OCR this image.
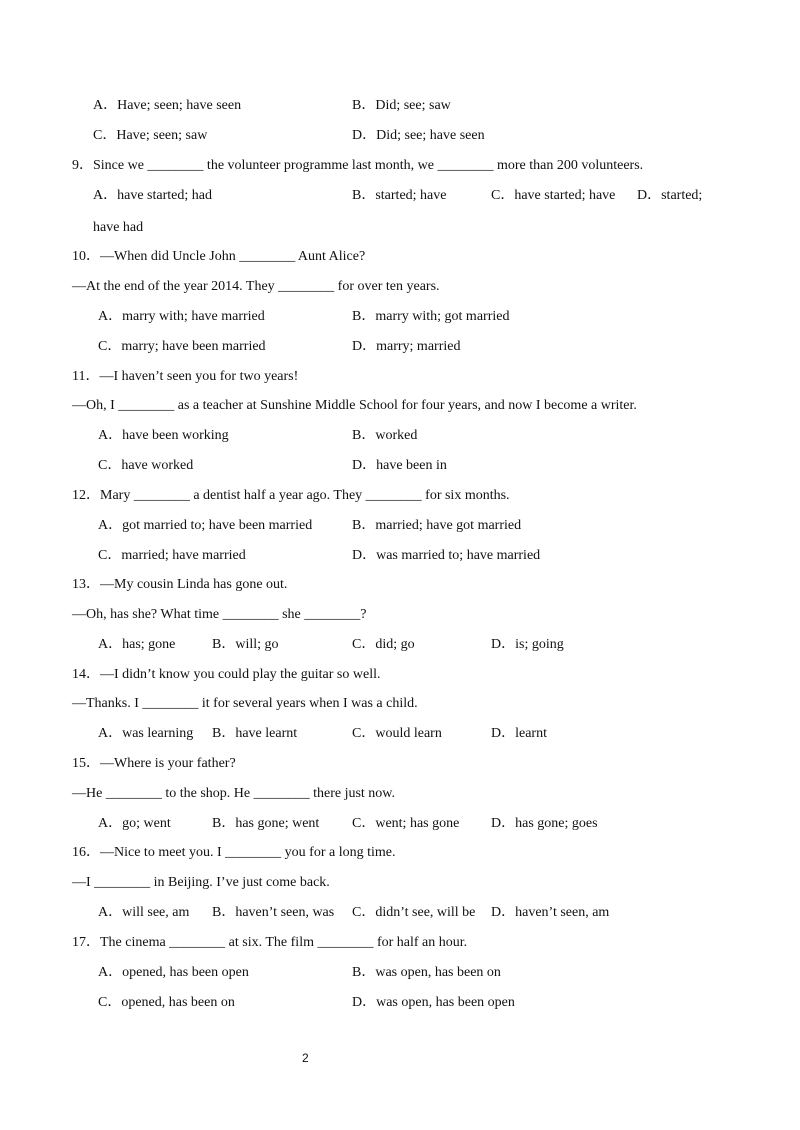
A．Have; seen; have seen	B．Did; see; saw
C．Have; seen; saw	D．Did; see; have seen
9．Since we ________ the volunteer programme last month, we ________ more than 200 volunteers.
A．have started; had	B．started; have	C．have started; have D．started;
have had
10．—When did Uncle John ________ Aunt Alice?
—At the end of the year 2014. They ________ for over ten years.
A．marry with; have married	B．marry with; got married
C．marry; have been married	D．marry; married
11．—I haven’t seen you for two years!
—Oh, I ________ as a teacher at Sunshine Middle School for four years, and now I become a writer.
A．have been working	B．worked
C．have worked	D．have been in
12．Mary ________ a dentist half a year ago. They ________ for six months.
A．got married to; have been married	B．married; have got married
C．married; have married	D．was married to; have married
13．—My cousin Linda has gone out.
—Oh, has she? What time ________ she ________?
A．has; gone	B．will; go	C．did; go	D．is; going
14．—I didn’t know you could play the guitar so well.
—Thanks. I ________ it for several years when I was a child.
A．was learning B．have learnt	C．would learn	D．learnt
15．—Where is your father?
—He ________ to the shop. He ________ there just now.
A．go; went	B．has gone; went C．went; has gone D．has gone; goes
16．—Nice to meet you. I ________ you for a long time.
—I ________ in Beijing. I’ve just come back.
A．will see, am B．haven’t seen, was C．didn’t see, will be D．haven’t seen, am
17．The cinema ________ at six. The film ________ for half an hour.
A．opened, has been open	B．was open, has been on
C．opened, has been on	D．was open, has been open
2
